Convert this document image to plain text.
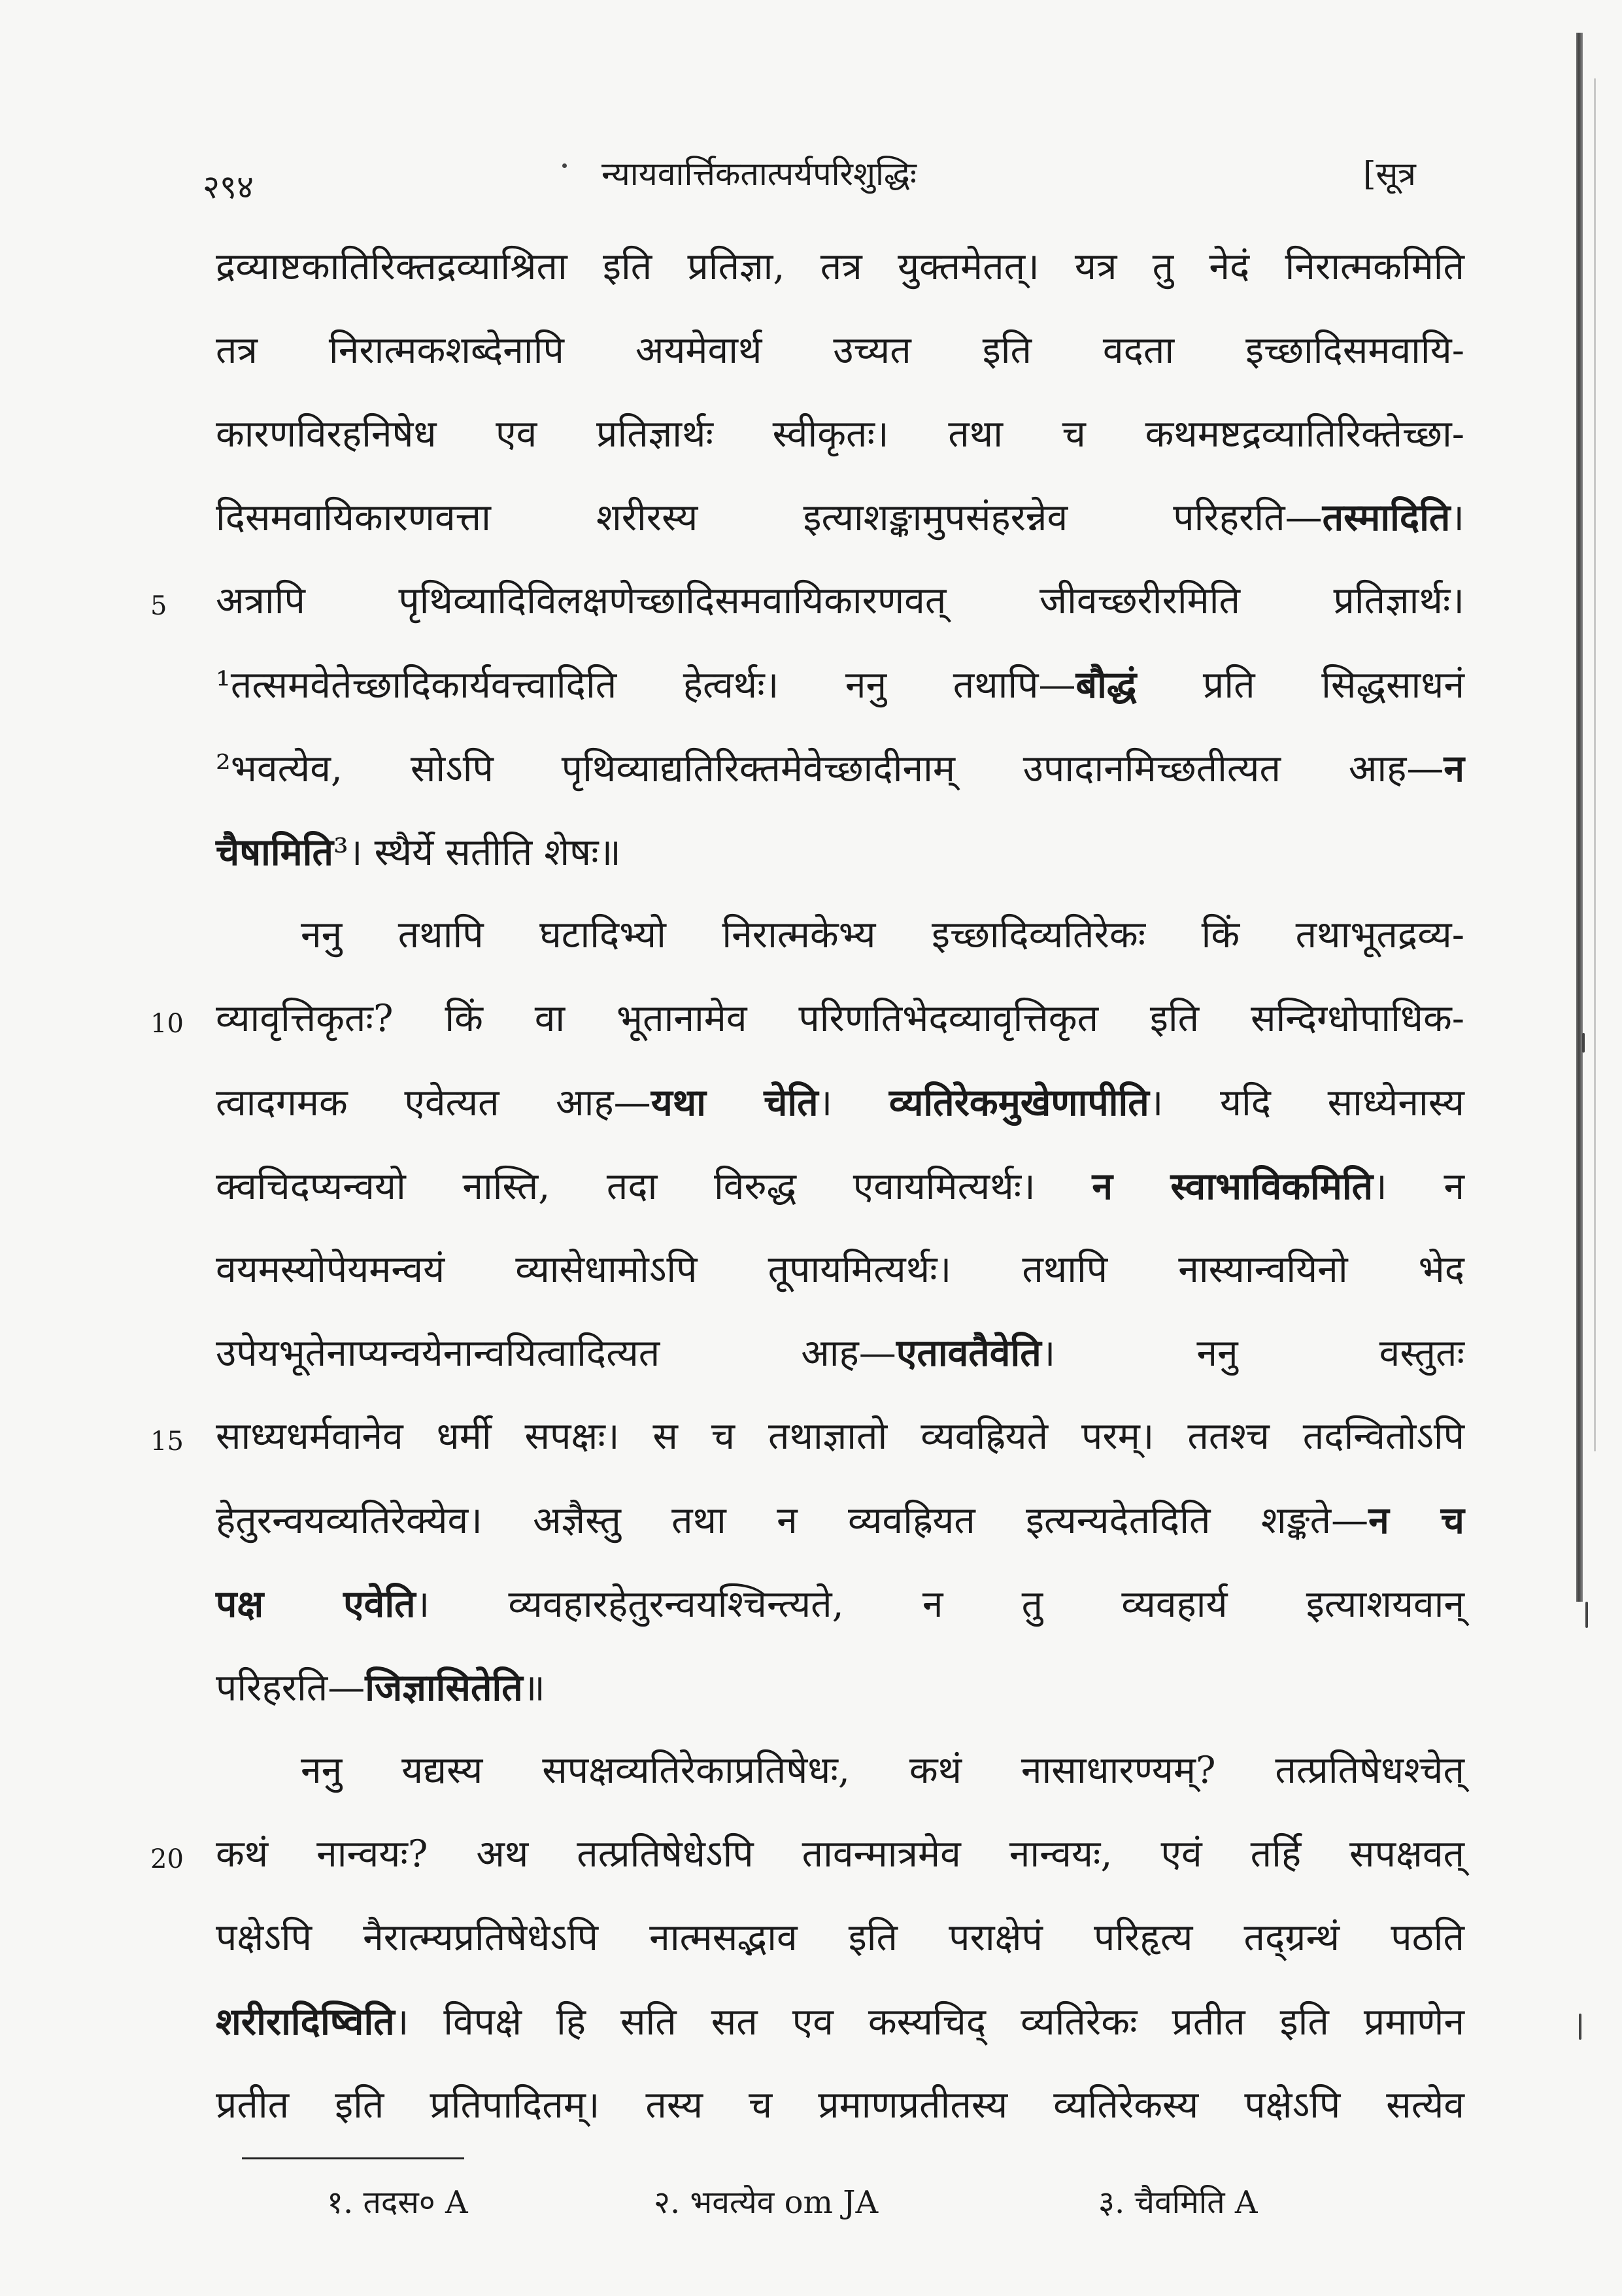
२९४	न्यायवार्त्तिकतात्पर्यपरिशुद्धिः	[सूत्र
द्रव्याष्टकातिरिक्तद्रव्याश्रिता इति प्रतिज्ञा, तत्र युक्तमेतत्। यत्र तु नेदं निरात्मकमिति
तत्र निरात्मकशब्देनापि अयमेवार्थ उच्यत इति वदता इच्छादिसमवायि-
कारणविरहनिषेध एव प्रतिज्ञार्थः स्वीकृतः। तथा च कथमष्टद्रव्यातिरिक्तेच्छा-
दिसमवायिकारणवत्ता शरीरस्य इत्याशङ्कामुपसंहरन्नेव परिहरति—तस्मादिति।
5 अत्रापि पृथिव्यादिविलक्षणेच्छादिसमवायिकारणवत् जीवच्छरीरमिति प्रतिज्ञार्थः।
¹तत्समवेतेच्छादिकार्यवत्त्वादिति हेत्वर्थः। ननु तथापि—बौद्धं प्रति सिद्धसाधनं
²भवत्येव, सोऽपि पृथिव्याद्यतिरिक्तमेवेच्छादीनाम् उपादानमिच्छतीत्यत आह—न
चैषामिति³। स्थैर्ये सतीति शेषः॥
ननु तथापि घटादिभ्यो निरात्मकेभ्य इच्छादिव्यतिरेकः किं तथाभूतद्रव्य-
10 व्यावृत्तिकृतः? किं वा भूतानामेव परिणतिभेदव्यावृत्तिकृत इति सन्दिग्धोपाधिक-
त्वादगमक एवेत्यत आह—यथा चेति। व्यतिरेकमुखेणापीति। यदि साध्येनास्य
क्वचिदप्यन्वयो नास्ति, तदा विरुद्ध एवायमित्यर्थः। न स्वाभाविकमिति। न
वयमस्योपेयमन्वयं व्यासेधामोऽपि तूपायमित्यर्थः। तथापि नास्यान्वयिनो भेद
उपेयभूतेनाप्यन्वयेनान्वयित्वादित्यत आह—एतावतैवेति। ननु वस्तुतः
15 साध्यधर्मवानेव धर्मी सपक्षः। स च तथाज्ञातो व्यवह्रियते परम्। ततश्च तदन्वितोऽपि
हेतुरन्वयव्यतिरेक्येव। अज्ञैस्तु तथा न व्यवह्रियत इत्यन्यदेतदिति शङ्कते—न च
पक्ष एवेति। व्यवहारहेतुरन्वयश्चिन्त्यते, न तु व्यवहार्य इत्याशयवान्
परिहरति—जिज्ञासितेति॥
ननु यद्यस्य सपक्षव्यतिरेकाप्रतिषेधः, कथं नासाधारण्यम्? तत्प्रतिषेधश्चेत्
20 कथं नान्वयः? अथ तत्प्रतिषेधेऽपि तावन्मात्रमेव नान्वयः, एवं तर्हि सपक्षवत्
पक्षेऽपि नैरात्म्यप्रतिषेधेऽपि नात्मसद्भाव इति पराक्षेपं परिहृत्य तद्ग्रन्थं पठति
शरीरादिष्विति। विपक्षे हि सति सत एव कस्यचिद् व्यतिरेकः प्रतीत इति प्रमाणेन
प्रतीत इति प्रतिपादितम्। तस्य च प्रमाणप्रतीतस्य व्यतिरेकस्य पक्षेऽपि सत्येव
१. तदस० A	२. भवत्येव om JA	३. चैवमिति A
